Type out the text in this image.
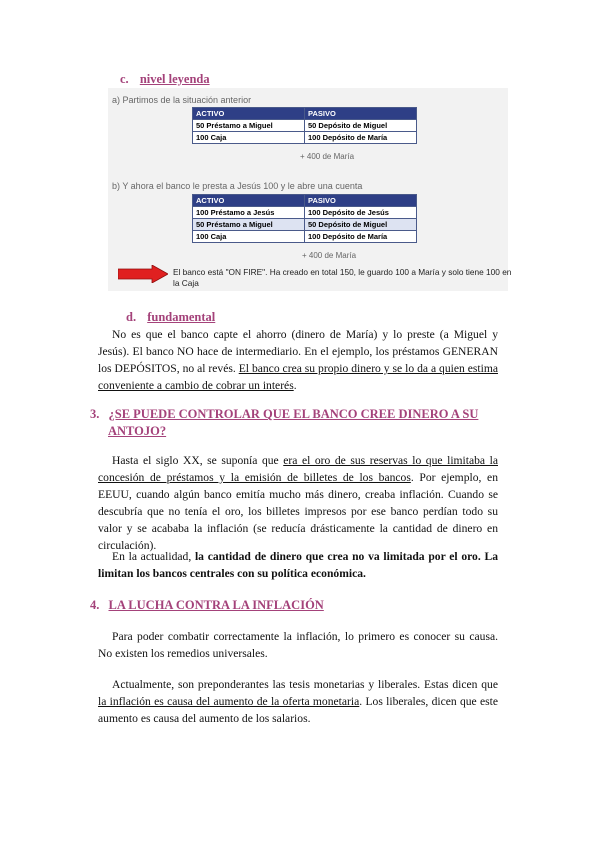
c. nivel leyenda
a) Partimos de la situación anterior
ACTIVO	PASIVO
50 Préstamo a Miguel	50 Depósito de Miguel
100 Caja	100 Depósito de María
+ 400 de María
b) Y ahora el banco le presta a Jesús 100 y le abre una cuenta
ACTIVO	PASIVO
100 Préstamo a Jesús	100 Depósito de Jesús
50 Préstamo a Miguel	50 Depósito de Miguel
100 Caja	100 Depósito de María
+ 400 de María
El banco está "ON FIRE". Ha creado en total 150, le guardo 100 a María y solo tiene 100 en
la Caja
d. fundamental
No es que el banco capte el ahorro (dinero de María) y lo preste (a Miguel y Jesús). El banco NO hace de intermediario. En el ejemplo, los préstamos GENERAN los DEPÓSITOS, no al revés. El banco crea su propio dinero y se lo da a quien estima conveniente a cambio de cobrar un interés.
3. ¿SE PUEDE CONTROLAR QUE EL BANCO CREE DINERO A SU
ANTOJO?
Hasta el siglo XX, se suponía que era el oro de sus reservas lo que limitaba la concesión de préstamos y la emisión de billetes de los bancos. Por ejemplo, en EEUU, cuando algún banco emitía mucho más dinero, creaba inflación. Cuando se descubría que no tenía el oro, los billetes impresos por ese banco perdían todo su valor y se acababa la inflación (se reducía drásticamente la cantidad de dinero en circulación).
En la actualidad, la cantidad de dinero que crea no va limitada por el oro. La limitan los bancos centrales con su política económica.
4. LA LUCHA CONTRA LA INFLACIÓN
Para poder combatir correctamente la inflación, lo primero es conocer su causa. No existen los remedios universales.
Actualmente, son preponderantes las tesis monetarias y liberales. Estas dicen que la inflación es causa del aumento de la oferta monetaria. Los liberales, dicen que este aumento es causa del aumento de los salarios.
